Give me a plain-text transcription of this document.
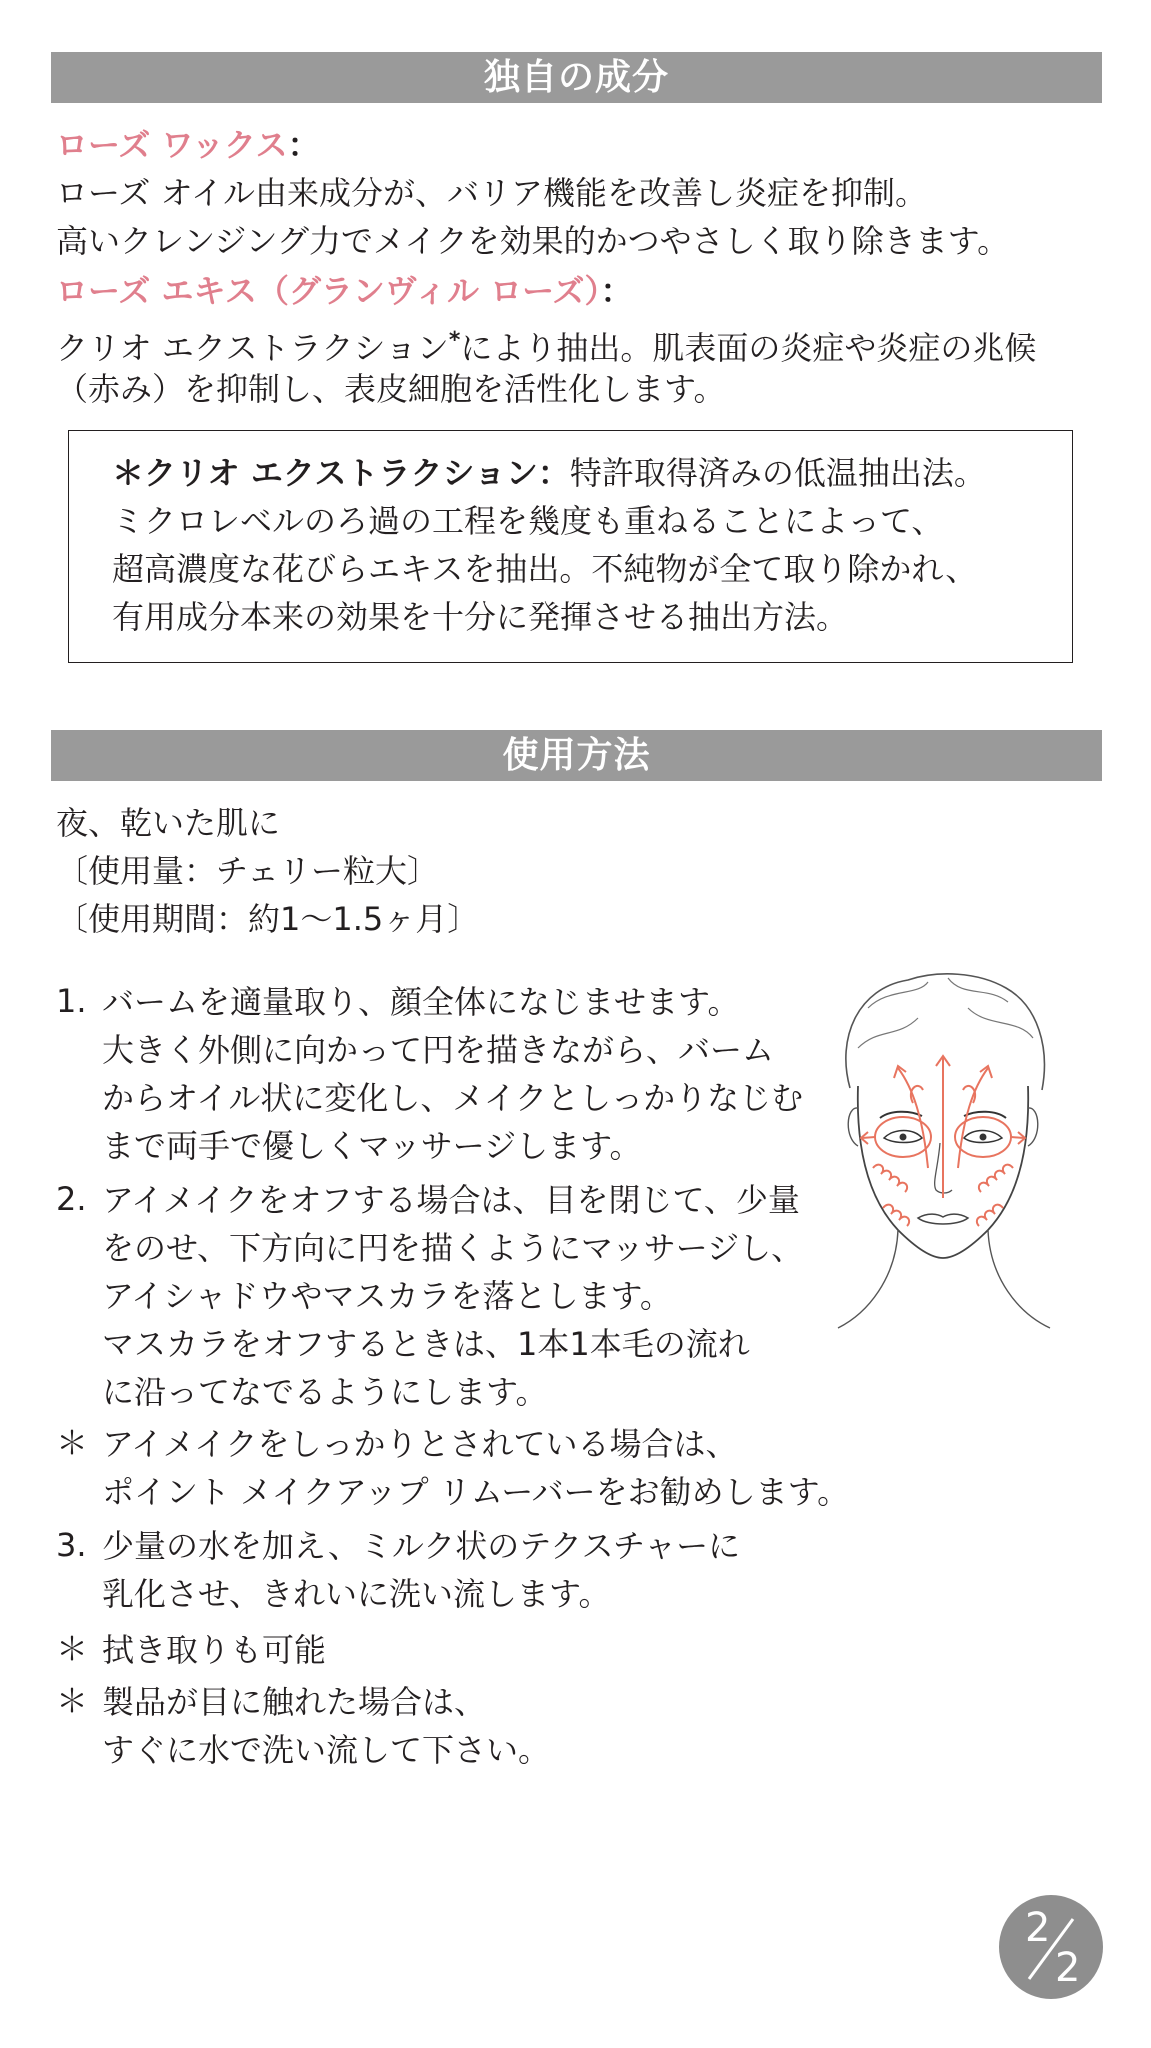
独自の成分
ローズ ワックス：
ローズ オイル由来成分が、バリア機能を改善し炎症を抑制。
高いクレンジング力でメイクを効果的かつやさしく取り除きます。
ローズ エキス（グランヴィル ローズ）：
クリオ エクストラクション*により抽出。肌表面の炎症や炎症の兆候
（赤み）を抑制し、表皮細胞を活性化します。
＊クリオ エクストラクション：特許取得済みの低温抽出法。
ミクロレベルのろ過の工程を幾度も重ねることによって、
超高濃度な花びらエキスを抽出。不純物が全て取り除かれ、
有用成分本来の効果を十分に発揮させる抽出方法。
使用方法
夜、乾いた肌に
〔使用量：チェリー粒大〕
〔使用期間：約1〜1.5ヶ月〕
1. バームを適量取り、顔全体になじませます。
大きく外側に向かって円を描きながら、バーム
からオイル状に変化し、メイクとしっかりなじむ
まで両手で優しくマッサージします。
2. アイメイクをオフする場合は、目を閉じて、少量
をのせ、下方向に円を描くようにマッサージし、
アイシャドウやマスカラを落とします。
マスカラをオフするときは、1本1本毛の流れ
に沿ってなでるようにします。
＊ アイメイクをしっかりとされている場合は、
ポイント メイクアップ リムーバーをお勧めします。
3. 少量の水を加え、ミルク状のテクスチャーに
乳化させ、きれいに洗い流します。
＊ 拭き取りも可能
＊ 製品が目に触れた場合は、
すぐに水で洗い流して下さい。
2
2
